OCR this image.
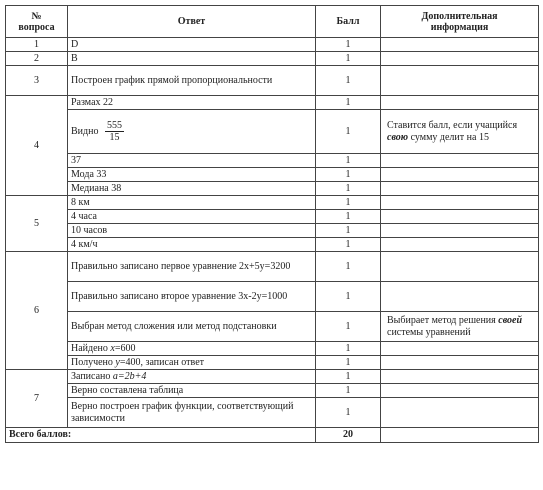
№
вопроса	Ответ	Балл	Дополнительная
информация
1	D	1	
2	B	1	
3	Построен график прямой пропорциональности	1	
4	Размах 22	1	
	Видно $\frac{555}{15}$	1	Ставится балл, если учащийся свою сумму делит на 15
	37	1	
	Мода 33	1	
	Медиана 38	1	
5	8 км	1	
	4 часа	1	
	10 часов	1	
	4 км/ч	1	
6	Правильно записано первое уравнение 2x+5y=3200	1	
	Правильно записано второе уравнение 3x-2y=1000	1	
	Выбран метод сложения или метод подстановки	1	Выбирает метод решения своей системы уравнений
	Найдено x=600	1	
	Получено y=400, записан ответ	1	
7	Записано a=2b+4	1	
	Верно составлена таблица	1	
	Верно построен график функции, соответствующий зависимости	1	
Всего баллов:		20	
